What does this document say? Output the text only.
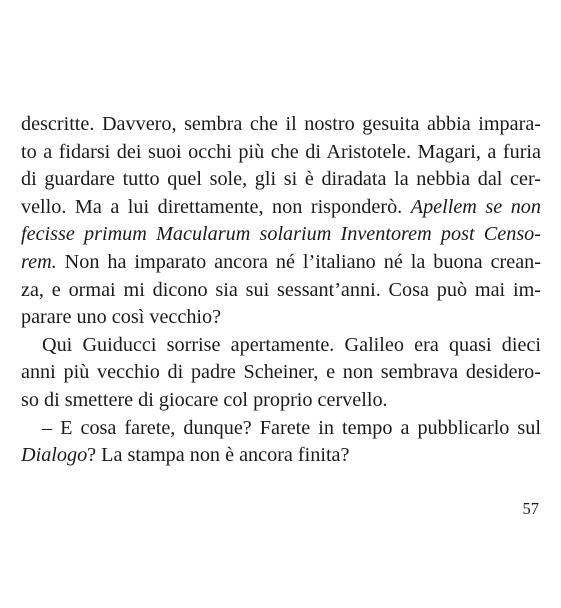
descritte. Davvero, sembra che il nostro gesuita abbia impara-
to a fidarsi dei suoi occhi più che di Aristotele. Magari, a furia
di guardare tutto quel sole, gli si è diradata la nebbia dal cer-
vello. Ma a lui direttamente, non risponderò. Apellem se non
fecisse primum Macularum solarium Inventorem post Censo-
rem. Non ha imparato ancora né l’italiano né la buona crean-
za, e ormai mi dicono sia sui sessant’anni. Cosa può mai im-
parare uno così vecchio?
Qui Guiducci sorrise apertamente. Galileo era quasi dieci
anni più vecchio di padre Scheiner, e non sembrava desidero-
so di smettere di giocare col proprio cervello.
– E cosa farete, dunque? Farete in tempo a pubblicarlo sul
Dialogo? La stampa non è ancora finita?
57
